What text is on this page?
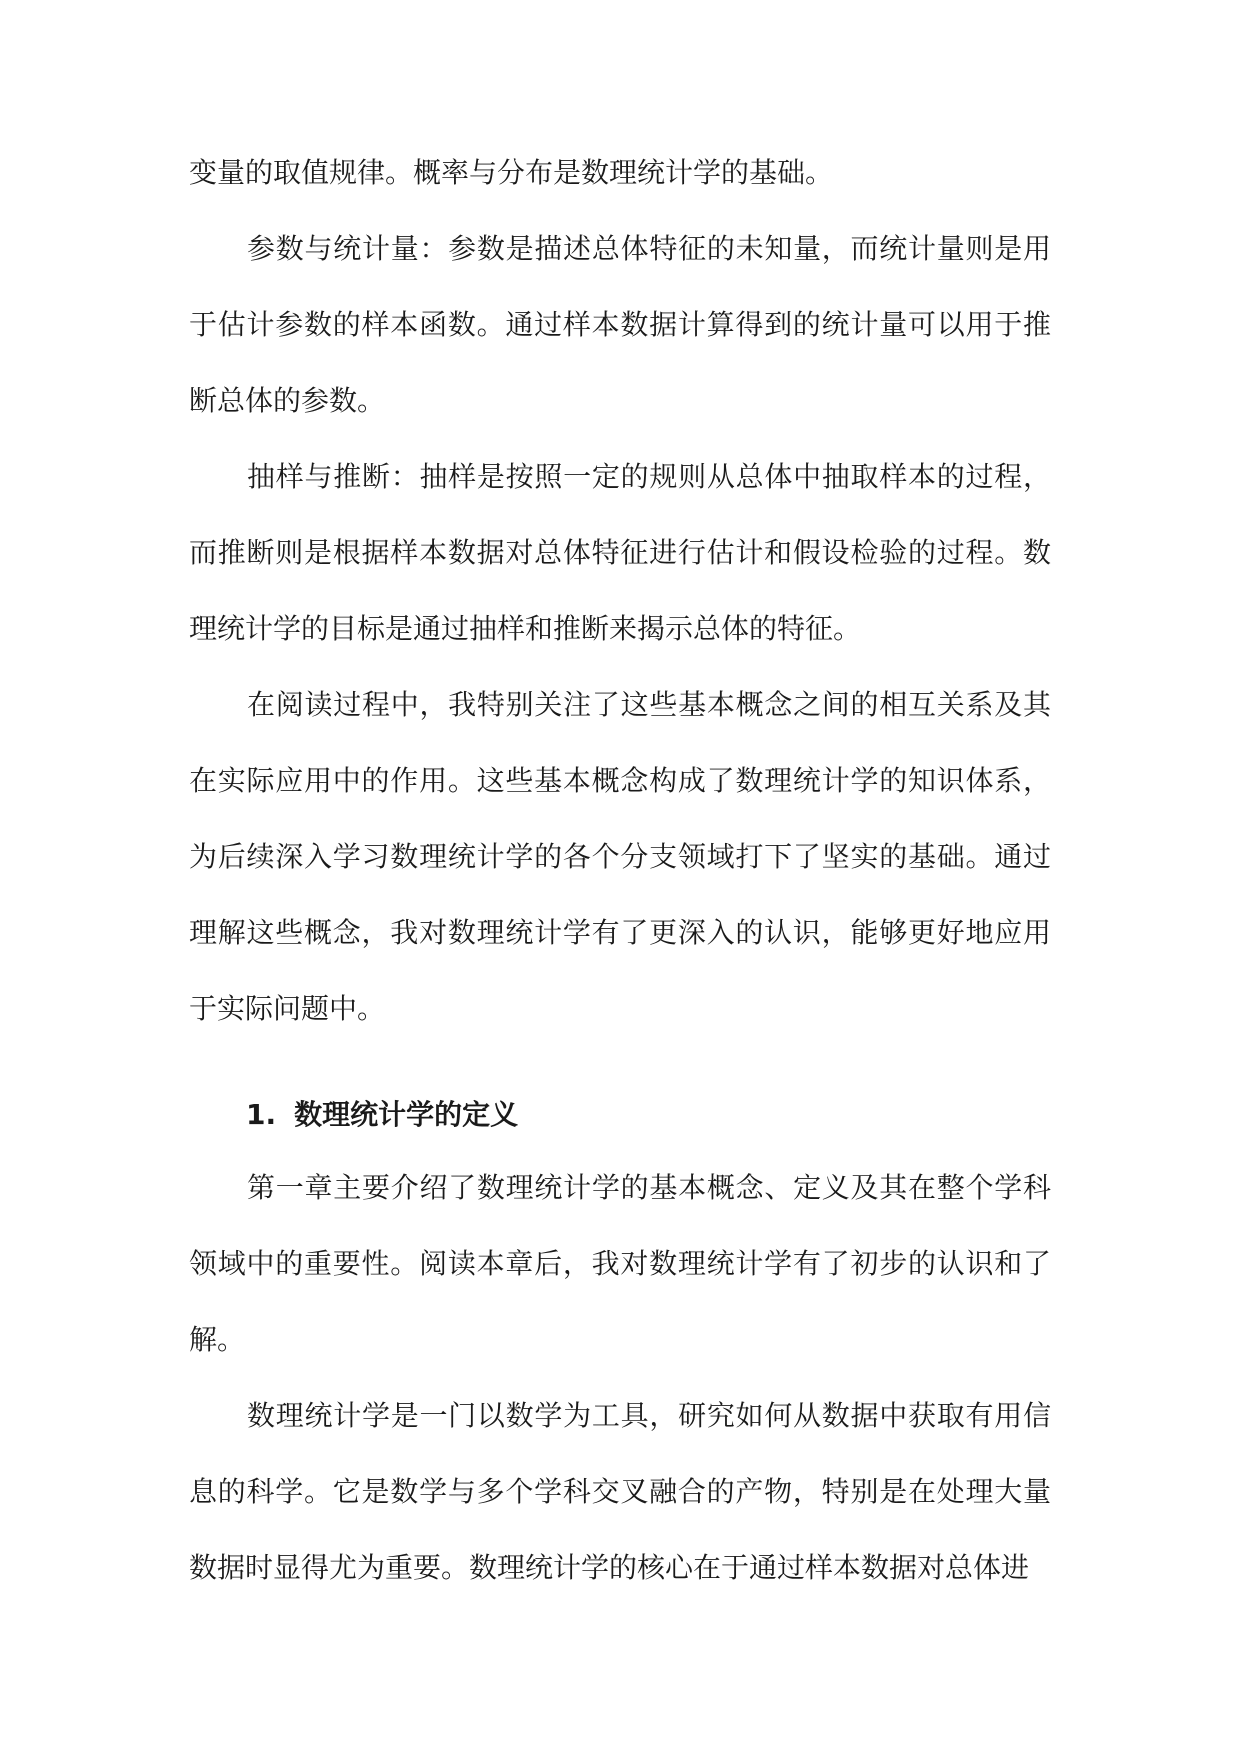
变量的取值规律。概率与分布是数理统计学的基础。

参数与统计量：参数是描述总体特征的未知量，而统计量则是用于估计参数的样本函数。通过样本数据计算得到的统计量可以用于推断总体的参数。

抽样与推断：抽样是按照一定的规则从总体中抽取样本的过程，而推断则是根据样本数据对总体特征进行估计和假设检验的过程。数理统计学的目标是通过抽样和推断来揭示总体的特征。

在阅读过程中，我特别关注了这些基本概念之间的相互关系及其在实际应用中的作用。这些基本概念构成了数理统计学的知识体系，为后续深入学习数理统计学的各个分支领域打下了坚实的基础。通过理解这些概念，我对数理统计学有了更深入的认识，能够更好地应用于实际问题中。

1. 数理统计学的定义

第一章主要介绍了数理统计学的基本概念、定义及其在整个学科领域中的重要性。阅读本章后，我对数理统计学有了初步的认识和了解。

数理统计学是一门以数学为工具，研究如何从数据中获取有用信息的科学。它是数学与多个学科交叉融合的产物，特别是在处理大量数据时显得尤为重要。数理统计学的核心在于通过样本数据对总体进
